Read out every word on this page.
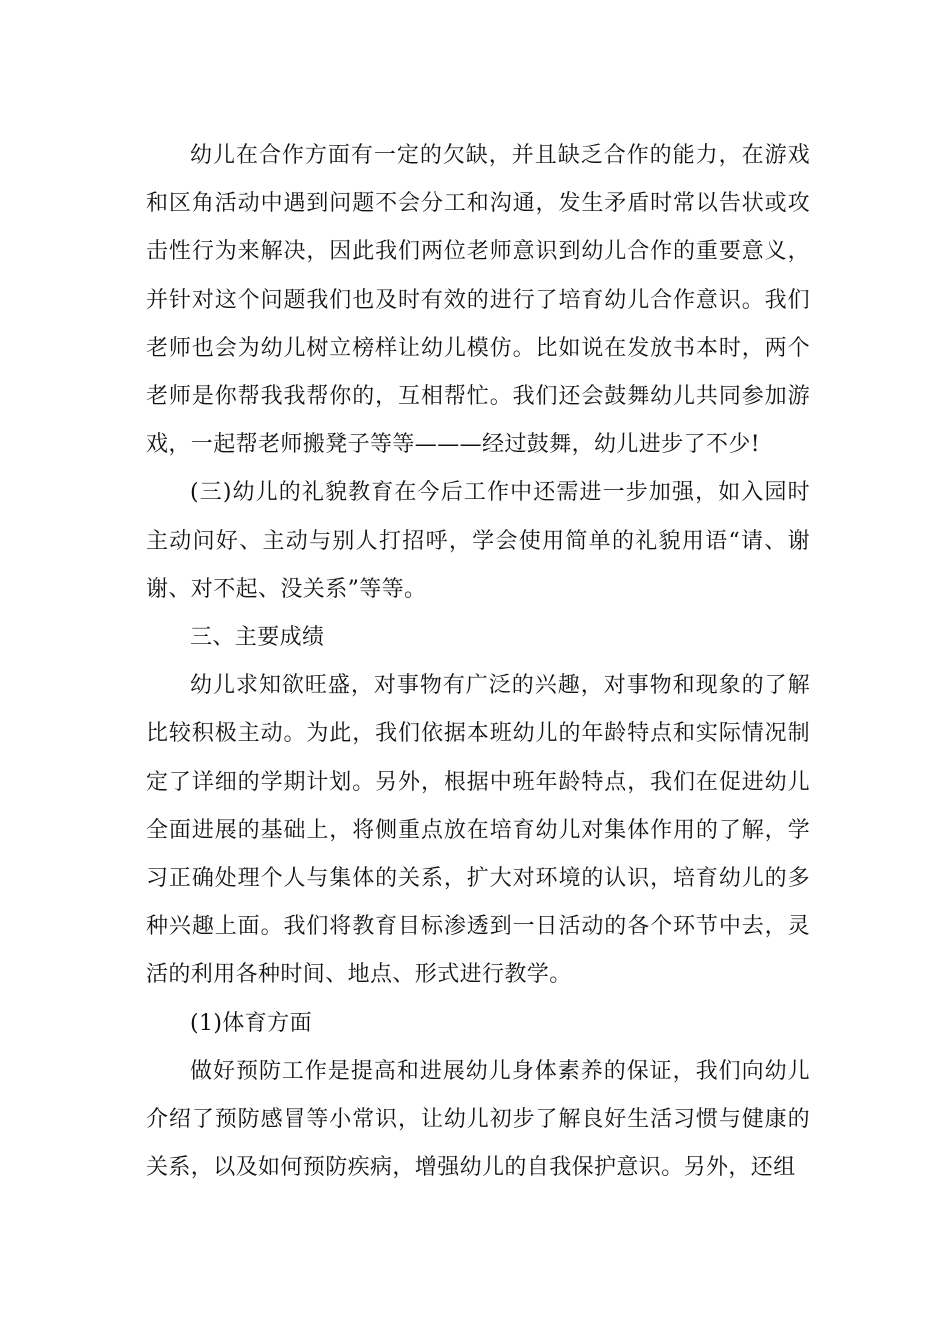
幼儿在合作方面有一定的欠缺，并且缺乏合作的能力，在游戏和区角活动中遇到问题不会分工和沟通，发生矛盾时常以告状或攻击性行为来解决，因此我们两位老师意识到幼儿合作的重要意义，并针对这个问题我们也及时有效的进行了培育幼儿合作意识。我们老师也会为幼儿树立榜样让幼儿模仿。比如说在发放书本时，两个老师是你帮我我帮你的，互相帮忙。我们还会鼓舞幼儿共同参加游戏，一起帮老师搬凳子等等———经过鼓舞，幼儿进步了不少!

(三)幼儿的礼貌教育在今后工作中还需进一步加强，如入园时主动问好、主动与别人打招呼，学会使用简单的礼貌用语“请、谢谢、对不起、没关系”等等。

三、主要成绩

幼儿求知欲旺盛，对事物有广泛的兴趣，对事物和现象的了解比较积极主动。为此，我们依据本班幼儿的年龄特点和实际情况制定了详细的学期计划。另外，根据中班年龄特点，我们在促进幼儿全面进展的基础上，将侧重点放在培育幼儿对集体作用的了解，学习正确处理个人与集体的关系，扩大对环境的认识，培育幼儿的多种兴趣上面。我们将教育目标渗透到一日活动的各个环节中去，灵活的利用各种时间、地点、形式进行教学。

(1)体育方面

做好预防工作是提高和进展幼儿身体素养的保证，我们向幼儿介绍了预防感冒等小常识，让幼儿初步了解良好生活习惯与健康的关系，以及如何预防疾病，增强幼儿的自我保护意识。另外，还组
